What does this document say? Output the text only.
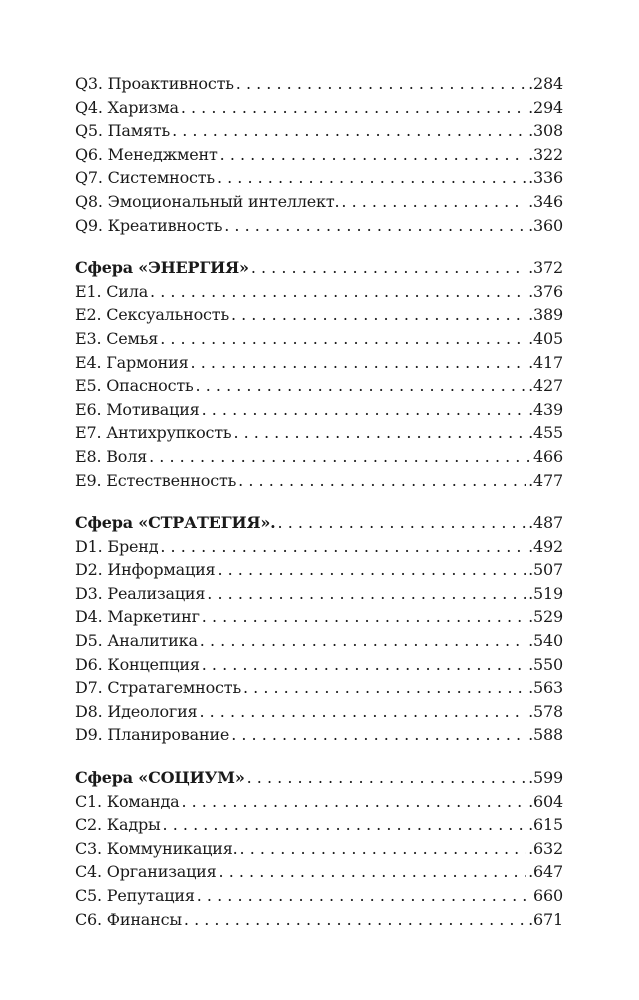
Q3. Проактивность . . .	.284
Q4. Харизма . . .	.294
Q5. Память . . .	.308
Q6. Менеджмент . . .	.322
Q7. Системность . . .	.336
Q8. Эмоциональный интеллект. . . .	.346
Q9. Креативность . . .	.360
Сфера «ЭНЕРГИЯ» . . .	.372
E1. Сила . . .	.376
E2. Сексуальность . . .	.389
E3. Семья . . .	.405
E4. Гармония . . .	.417
E5. Опасность . . .	.427
E6. Мотивация . . .	.439
E7. Антихрупкость . . .	.455
E8. Воля . . .	466
E9. Естественность . . .	.477
Сфера «СТРАТЕГИЯ». . . .	.487
D1. Бренд . . .	.492
D2. Информация . . .	.507
D3. Реализация . . .	.519
D4. Маркетинг . . .	.529
D5. Аналитика . . .	.540
D6. Концепция . . .	.550
D7. Стратагемность . . .	.563
D8. Идеология . . .	.578
D9. Планирование . . .	.588
Сфера «СОЦИУМ» . . .	.599
C1. Команда . . .	.604
C2. Кадры . . .	.615
C3. Коммуникация. . . .	.632
C4. Организация . . .	.647
C5. Репутация . . .	660
C6. Финансы . . .	.671
